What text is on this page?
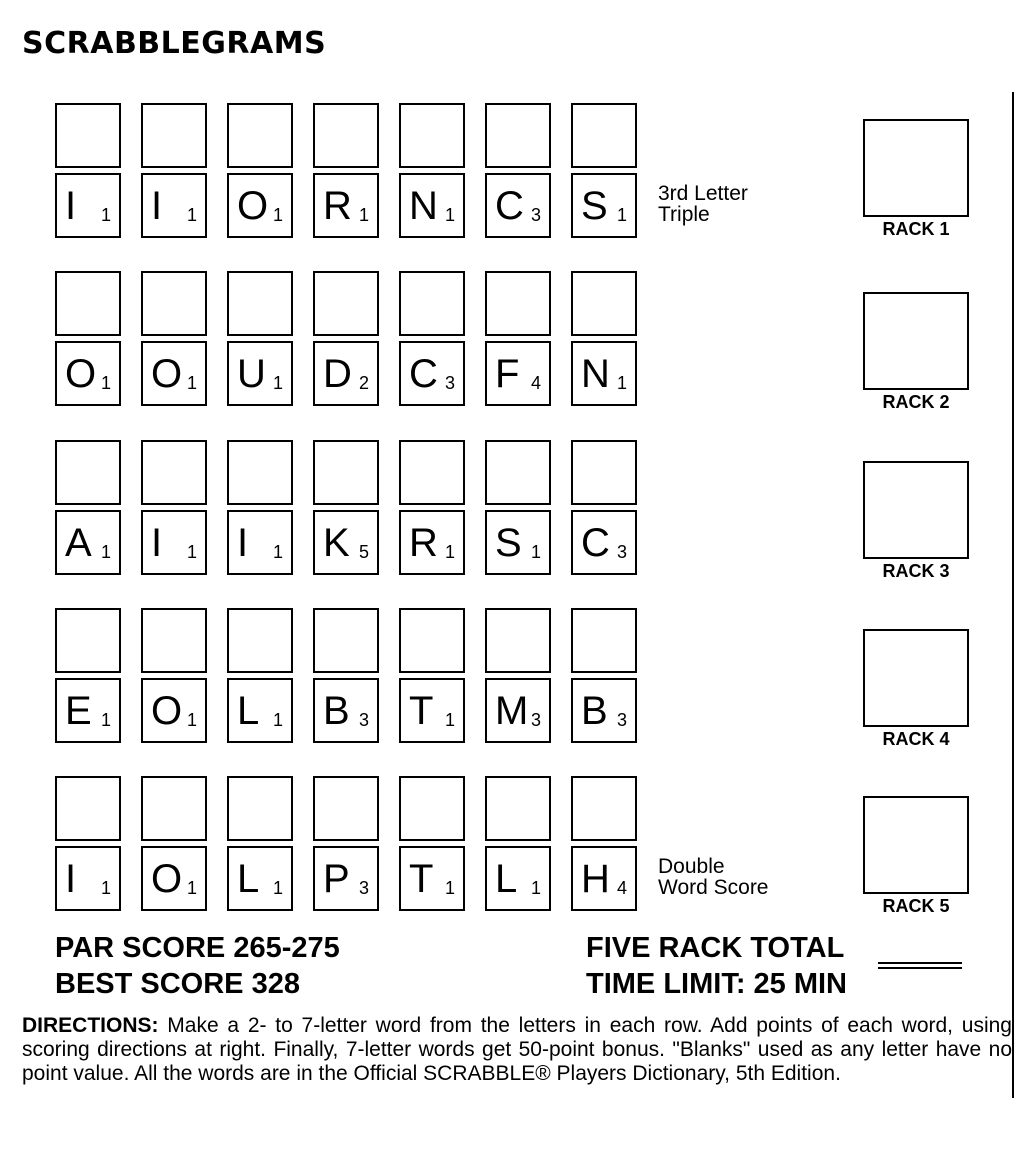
SCRABBLEGRAMS
I 1 I 1 O 1 R 1 N 1 C 3 S 1
3rd Letter
Triple
RACK 1
O 1 O 1 U 1 D 2 C 3 F 4 N 1
RACK 2
A 1 I 1 I 1 K 5 R 1 S 1 C 3
RACK 3
E 1 O 1 L 1 B 3 T 1 M 3 B 3
RACK 4
I 1 O 1 L 1 P 3 T 1 L 1 H 4
Double
Word Score
RACK 5
PAR SCORE 265-275
BEST SCORE 328
FIVE RACK TOTAL
TIME LIMIT: 25 MIN
DIRECTIONS: Make a 2- to 7-letter word from the letters in each row. Add points of each word, using scoring directions at right. Finally, 7-letter words get 50-point bonus. "Blanks" used as any letter have no point value. All the words are in the Official SCRABBLE® Players Dictionary, 5th Edition.
